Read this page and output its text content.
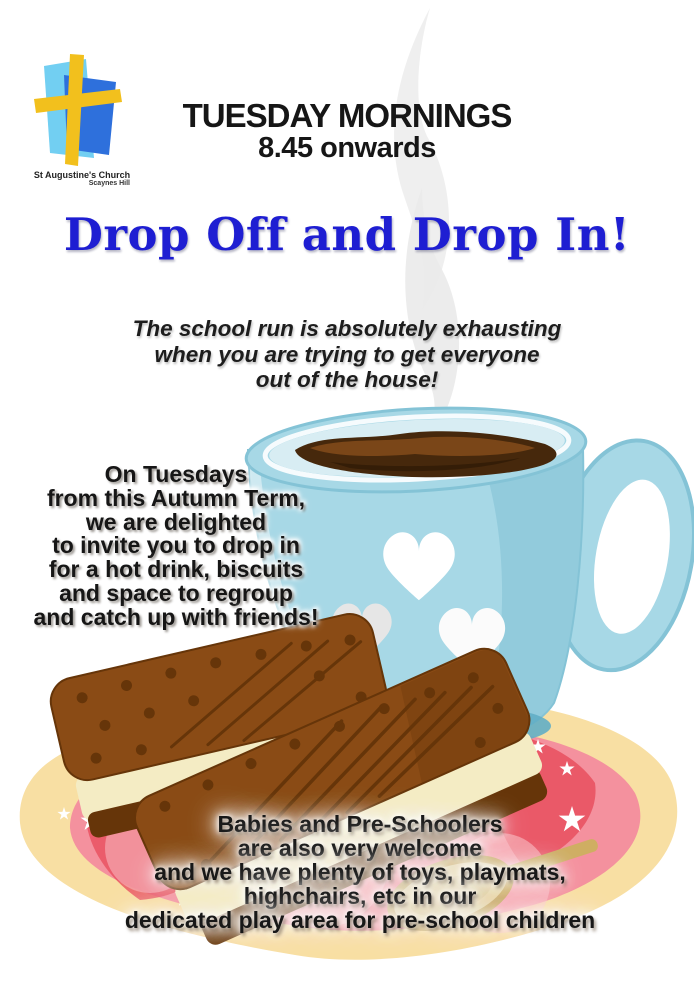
St Augustine's Church
Scaynes Hill
TUESDAY MORNINGS
8.45 onwards
Drop Off and Drop In!
The school run is absolutely exhausting
when you are trying to get everyone
out of the house!
On Tuesdays
from this Autumn Term,
we are delighted
to invite you to drop in
for a hot drink, biscuits
and space to regroup
and catch up with friends!
Babies and Pre-Schoolers
are also very welcome
and we have plenty of toys, playmats,
highchairs, etc in our
dedicated play area for pre-school children
